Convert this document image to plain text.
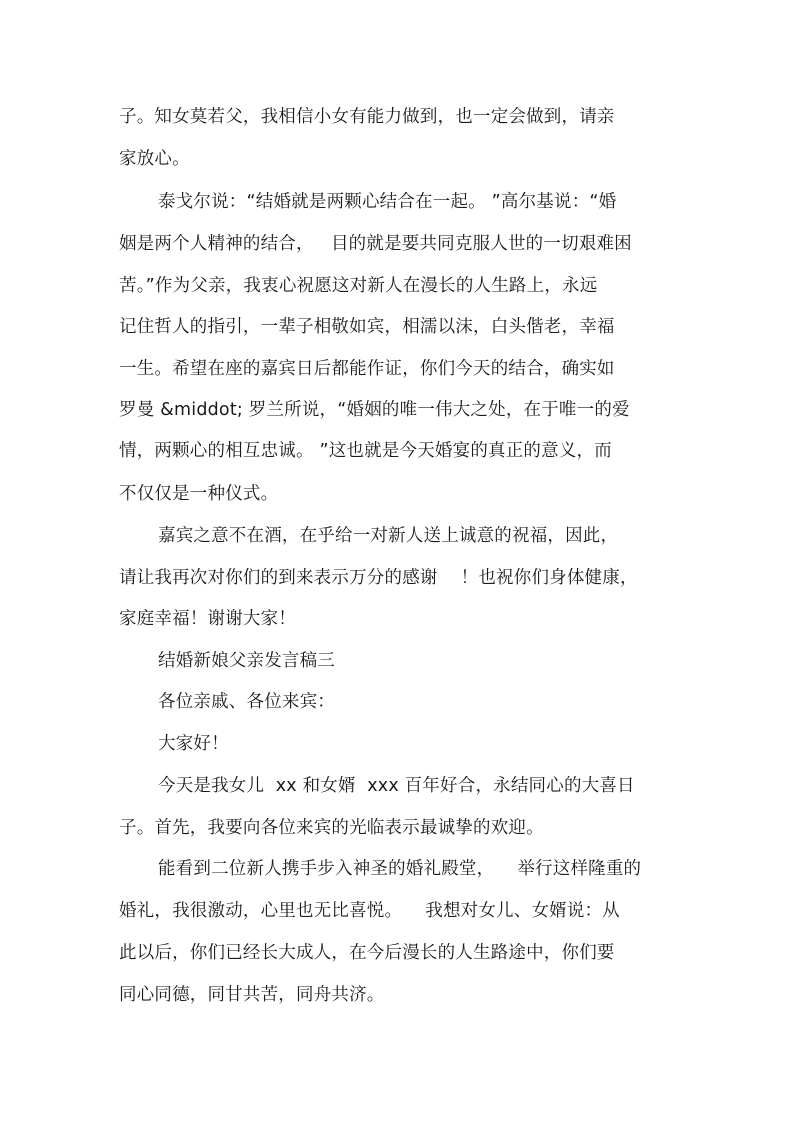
子。知女莫若父，我相信小女有能力做到，也一定会做到，请亲
家放心。
泰戈尔说：“结婚就是两颗心结合在一起。 ”高尔基说：“婚
姻是两个人精神的结合，   目的就是要共同克服人世的一切艰难困
苦。”作为父亲，我衷心祝愿这对新人在漫长的人生路上，永远
记住哲人的指引，一辈子相敬如宾，相濡以沫，白头偕老，幸福
一生。希望在座的嘉宾日后都能作证，你们今天的结合，确实如
罗曼 &middot; 罗兰所说，“婚姻的唯一伟大之处，在于唯一的爱
情，两颗心的相互忠诚。 ”这也就是今天婚宴的真正的意义，而
不仅仅是一种仪式。
嘉宾之意不在酒，在乎给一对新人送上诚意的祝福，因此，
请让我再次对你们的到来表示万分的感谢    ！也祝你们身体健康，
家庭幸福！谢谢大家！
结婚新娘父亲发言稿三
各位亲戚、各位来宾：
大家好！
今天是我女儿  xx 和女婿  xxx 百年好合，永结同心的大喜日
子。首先，我要向各位来宾的光临表示最诚挚的欢迎。
能看到二位新人携手步入神圣的婚礼殿堂，    举行这样隆重的
婚礼，我很激动，心里也无比喜悦。    我想对女儿、女婿说：从
此以后，你们已经长大成人，在今后漫长的人生路途中，你们要
同心同德，同甘共苦，同舟共济。
